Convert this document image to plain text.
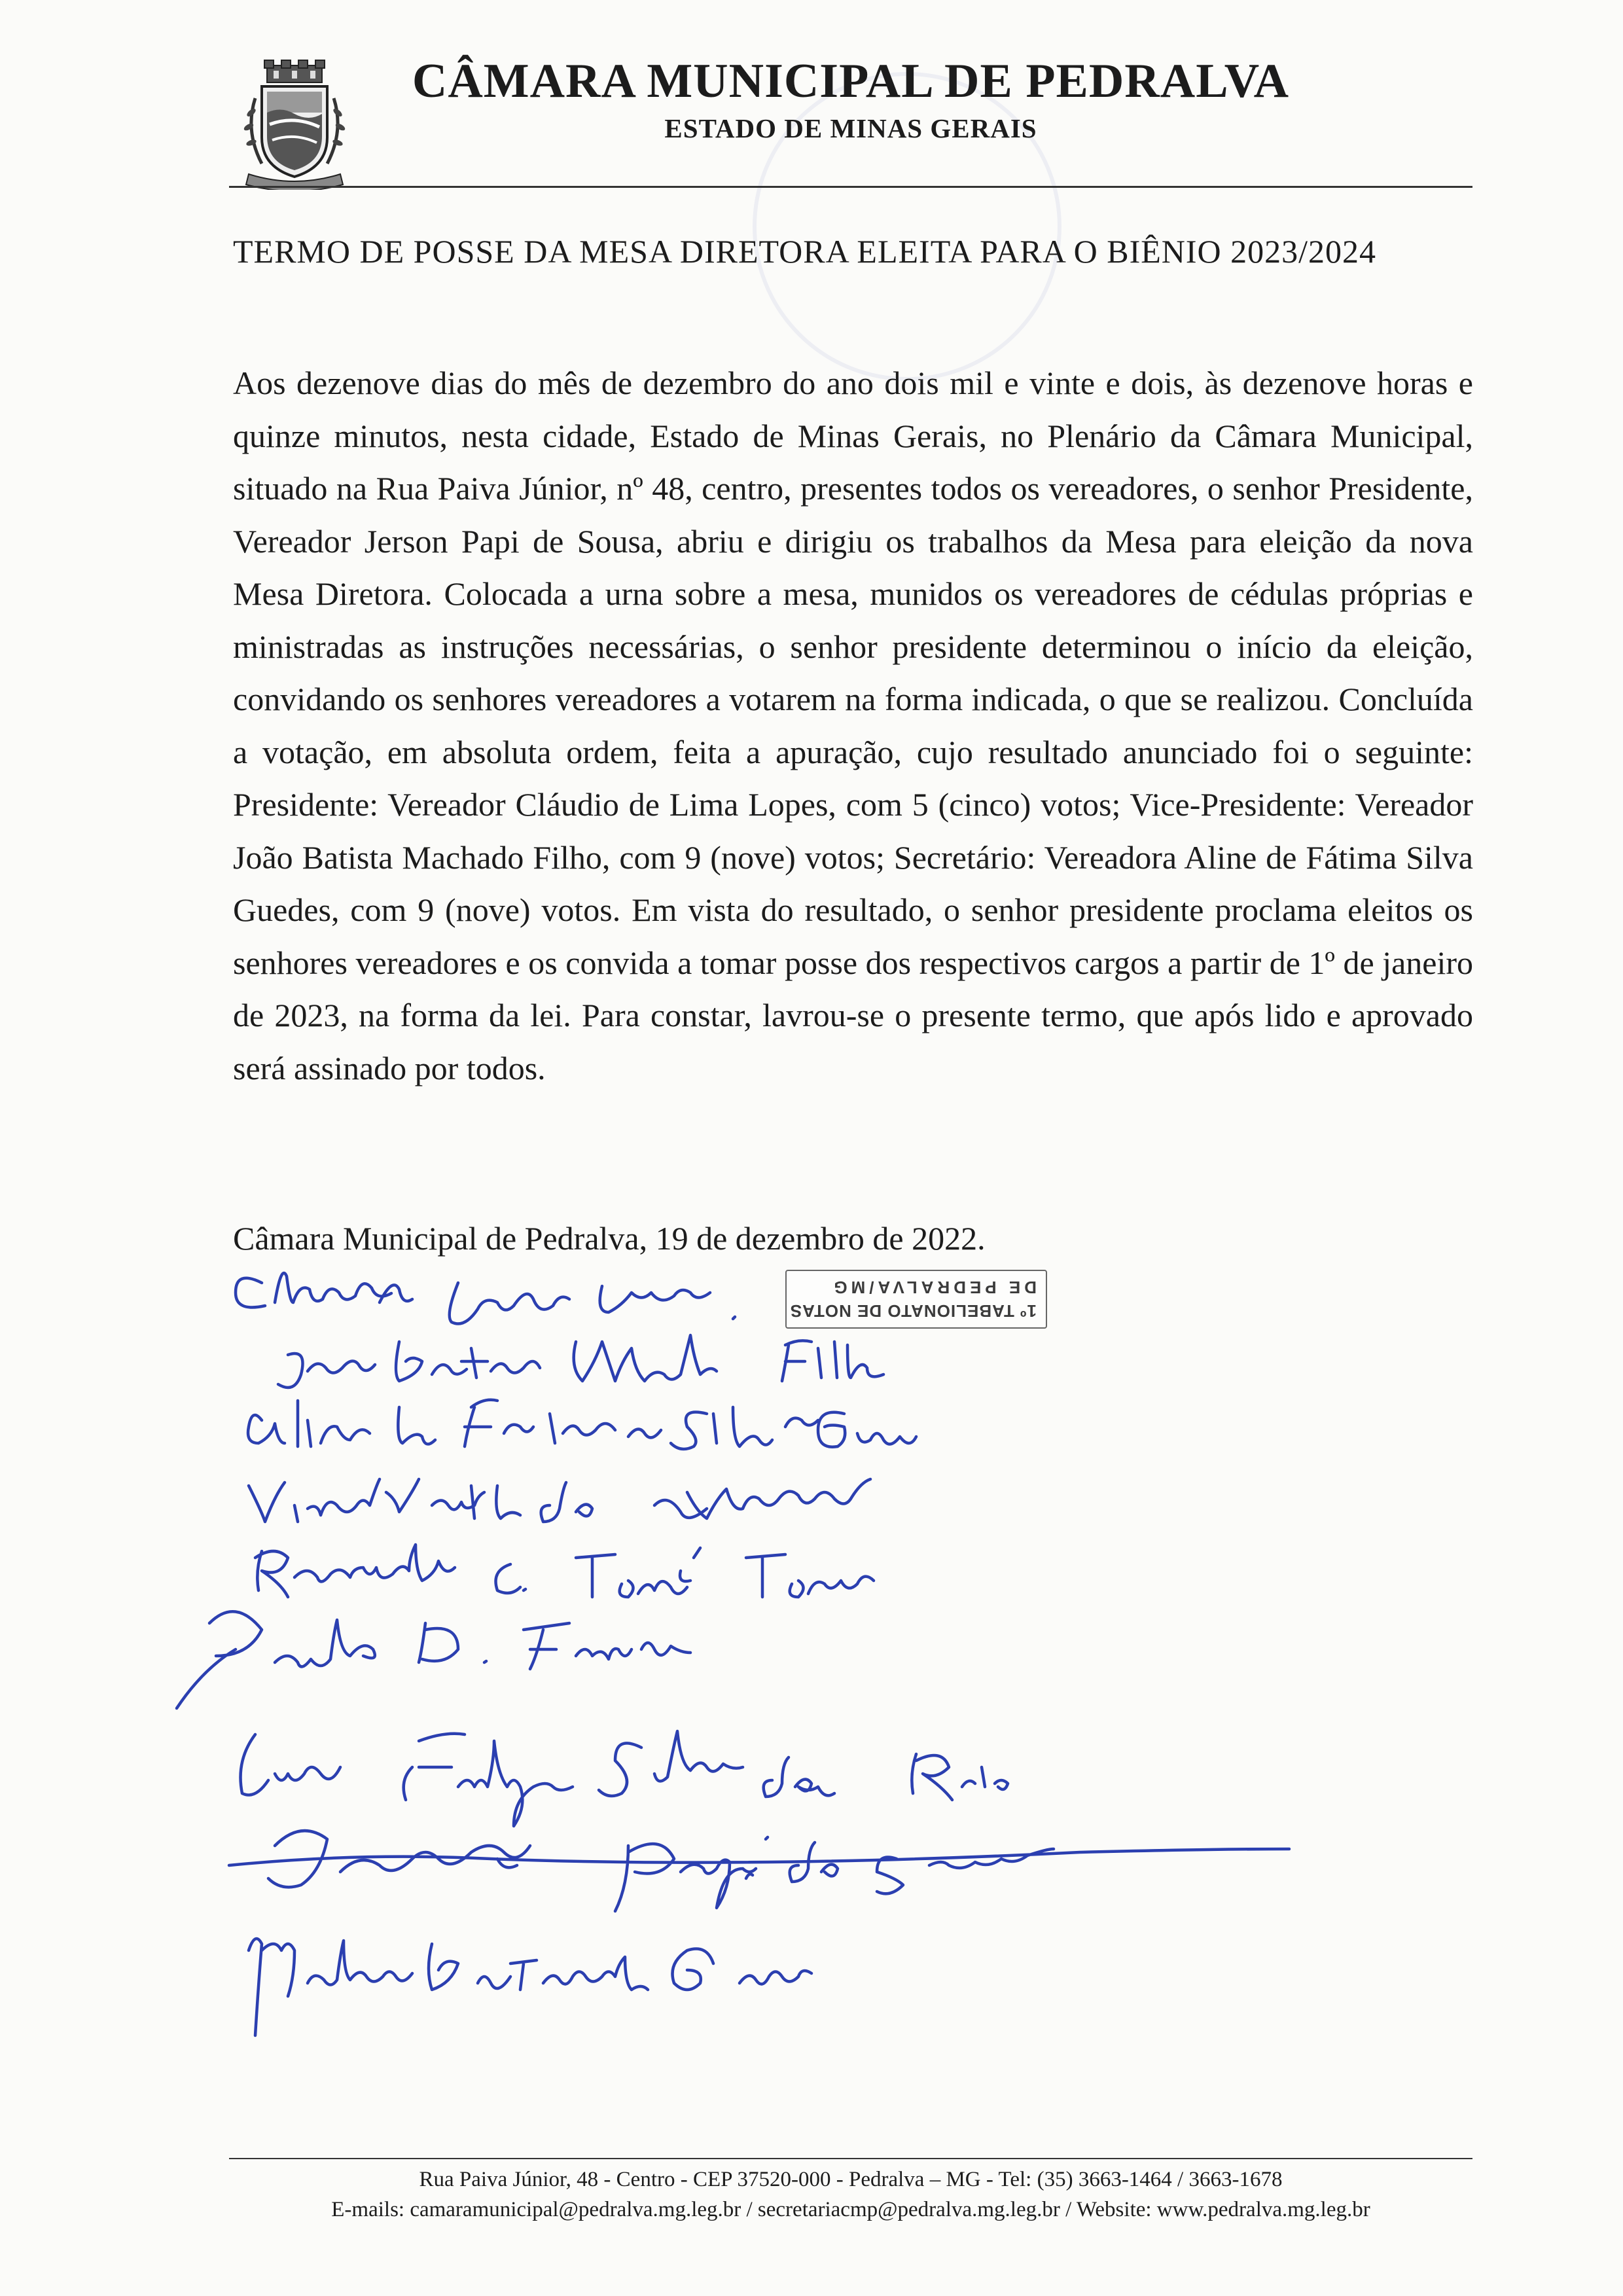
CÂMARA MUNICIPAL DE PEDRALVA
ESTADO DE MINAS GERAIS
TERMO DE POSSE DA MESA DIRETORA ELEITA PARA O BIÊNIO 2023/2024
Aos dezenove dias do mês de dezembro do ano dois mil e vinte e dois, às dezenove horas e quinze minutos, nesta cidade, Estado de Minas Gerais, no Plenário da Câmara Municipal, situado na Rua Paiva Júnior, nº 48, centro, presentes todos os vereadores, o senhor Presidente, Vereador Jerson Papi de Sousa, abriu e dirigiu os trabalhos da Mesa para eleição da nova Mesa Diretora. Colocada a urna sobre a mesa, munidos os vereadores de cédulas próprias e ministradas as instruções necessárias, o senhor presidente determinou o início da eleição, convidando os senhores vereadores a votarem na forma indicada, o que se realizou. Concluída a votação, em absoluta ordem, feita a apuração, cujo resultado anunciado foi o seguinte: Presidente: Vereador Cláudio de Lima Lopes, com 5 (cinco) votos; Vice-Presidente: Vereador João Batista Machado Filho, com 9 (nove) votos; Secretário: Vereadora Aline de Fátima Silva Guedes, com 9 (nove) votos. Em vista do resultado, o senhor presidente proclama eleitos os senhores vereadores e os convida a tomar posse dos respectivos cargos a partir de 1º de janeiro de 2023, na forma da lei. Para constar, lavrou-se o presente termo, que após lido e aprovado será assinado por todos.
Câmara Municipal de Pedralva, 19 de dezembro de 2022.
1º TABELIONATO DE NOTAS
DE PEDRALVA/MG
Rua Paiva Júnior, 48 - Centro - CEP 37520-000 - Pedralva – MG - Tel: (35) 3663-1464 / 3663-1678
E-mails: camaramunicipal@pedralva.mg.leg.br / secretariacmp@pedralva.mg.leg.br / Website: www.pedralva.mg.leg.br
